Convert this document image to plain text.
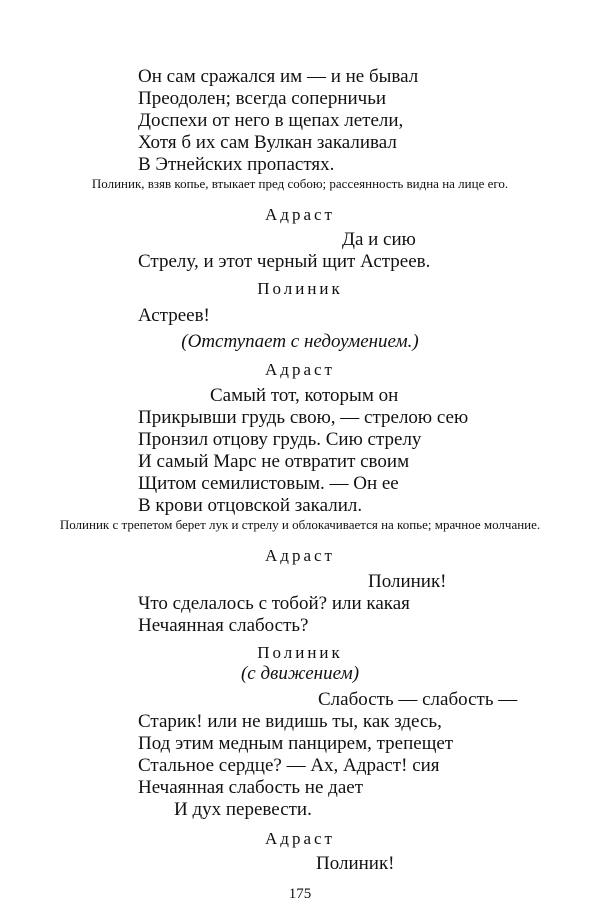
Он сам сражался им — и не бывал
Преодолен; всегда соперничьи
Доспехи от него в щепах летели,
Хотя б их сам Вулкан закаливал
В Этнейских пропастях.
Полиник, взяв копье, втыкает пред собою; рассеянность видна на лице его.
Адраст
Да и сию
Стрелу, и этот черный щит Астреев.
Полиник
Астреев!
(Отступает с недоумением.)
Адраст
Самый тот, которым он
Прикрывши грудь свою, — стрелою сею
Пронзил отцову грудь. Сию стрелу
И самый Марс не отвратит своим
Щитом семилистовым. — Он ее
В крови отцовской закалил.
Полиник с трепетом берет лук и стрелу и облокачивается на копье; мрачное молчание.
Адраст
Полиник!
Что сделалось с тобой? или какая
Нечаянная слабость?
Полиник
(с движением)
Слабость — слабость —
Старик! или не видишь ты, как здесь,
Под этим медным панцирем, трепещет
Стальное сердце? — Ах, Адраст! сия
Нечаянная слабость не дает
И дух перевести.
Адраст
Полиник!
175
